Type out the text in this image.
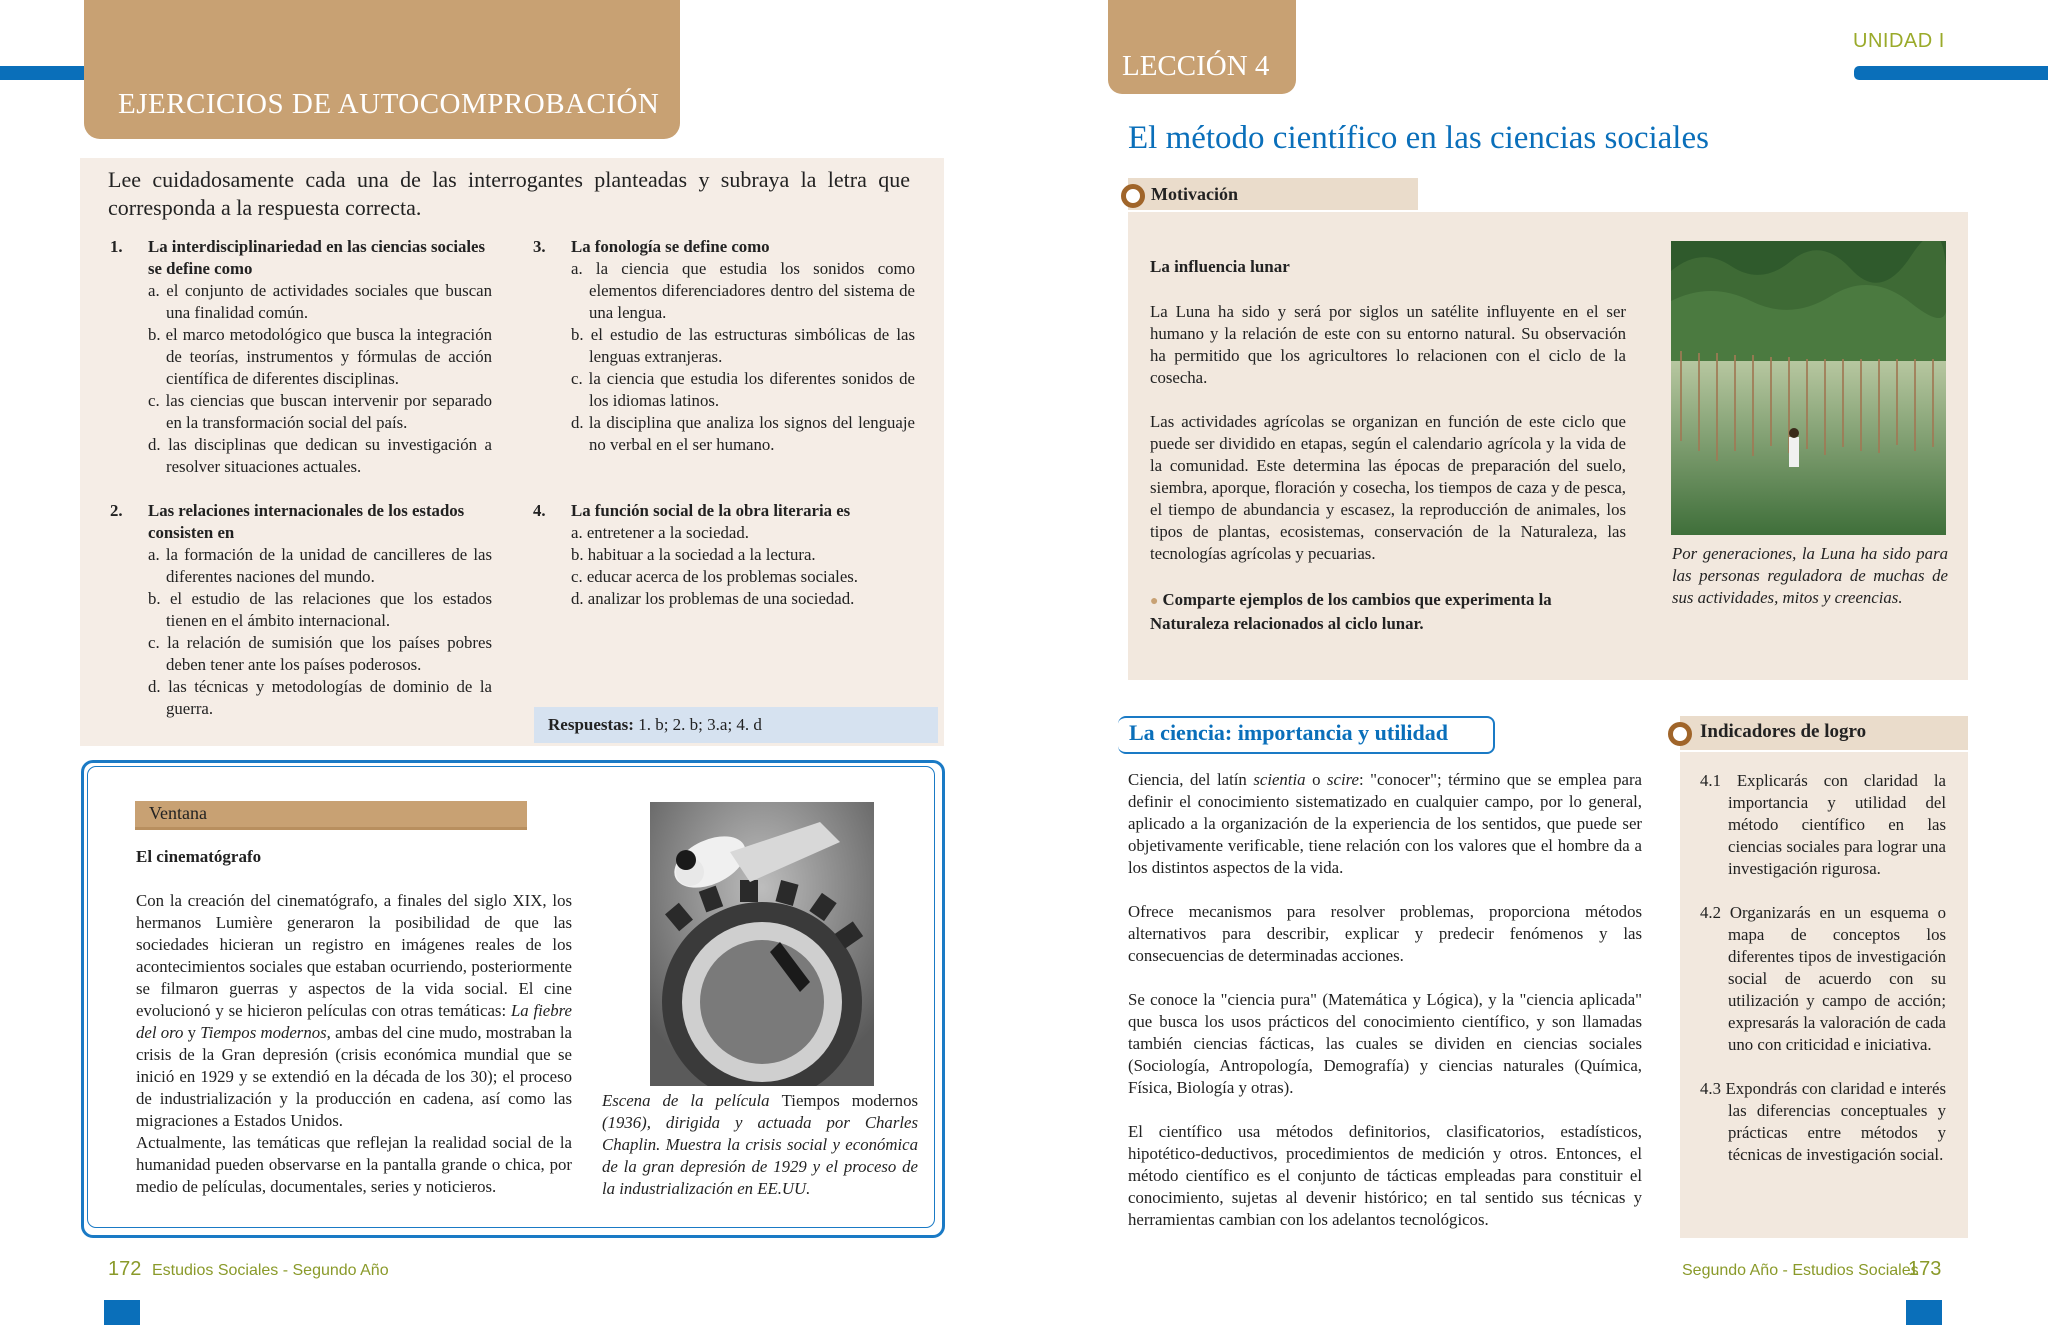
EJERCICIOS DE AUTOCOMPROBACIÓN

Lee cuidadosamente cada una de las interrogantes planteadas y subraya la letra que corresponda a la respuesta correcta.

1. La interdisciplinariedad en las ciencias sociales se define como

a. el conjunto de actividades sociales que buscan una finalidad común.

b. el marco metodológico que busca la integración de teorías, instrumentos y fórmulas de acción científica de diferentes disciplinas.

c. las ciencias que buscan intervenir por separado en la transformación social del país.

d. las disciplinas que dedican su investigación a resolver situaciones actuales.

2. Las relaciones internacionales de los estados consisten en

a. la formación de la unidad de cancilleres de las diferentes naciones del mundo.

b. el estudio de las relaciones que los estados tienen en el ámbito internacional.

c. la relación de sumisión que los países pobres deben tener ante los países poderosos.

d. las técnicas y metodologías de dominio de la guerra.

3. La fonología se define como

a. la ciencia que estudia los sonidos como elementos diferenciadores dentro del sistema de una lengua.

b. el estudio de las estructuras simbólicas de las lenguas extranjeras.

c. la ciencia que estudia los diferentes sonidos de los idiomas latinos.

d. la disciplina que analiza los signos del lenguaje no verbal en el ser humano.

4. La función social de la obra literaria es

a. entretener a la sociedad.

b. habituar a la sociedad a la lectura.

c. educar acerca de los problemas sociales.

d. analizar los problemas de una sociedad.

Respuestas: 1. b; 2. b; 3.a; 4. d
Ventana

El cinematógrafo

Con la creación del cinematógrafo, a finales del siglo XIX, los hermanos Lumière generaron la posibilidad de que las sociedades hicieran un registro en imágenes reales de los acontecimientos sociales que estaban ocurriendo, posteriormente se filmaron guerras y aspectos de la vida social. El cine evolucionó y se hicieron películas con otras temáticas: La fiebre del oro y Tiempos modernos, ambas del cine mudo, mostraban la crisis de la Gran depresión (crisis económica mundial que se inició en 1929 y se extendió en la década de los 30); el proceso de industrialización y la producción en cadena, así como las migraciones a Estados Unidos.

Actualmente, las temáticas que reflejan la realidad social de la humanidad pueden observarse en la pantalla grande o chica, por medio de películas, documentales, series y noticieros.

Escena de la película Tiempos modernos (1936), dirigida y actuada por Charles Chaplin. Muestra la crisis social y económica de la gran depresión de 1929 y el proceso de la industrialización en EE.UU.

172 Estudios Sociales - Segundo Año
LECCIÓN 4
UNIDAD I
El método científico en las ciencias sociales
Motivación

La influencia lunar

La Luna ha sido y será por siglos un satélite influyente en el ser humano y la relación de este con su entorno natural. Su observación ha permitido que los agricultores lo relacionen con el ciclo de la cosecha.

Las actividades agrícolas se organizan en función de este ciclo que puede ser dividido en etapas, según el calendario agrícola y la vida de la comunidad. Este determina las épocas de preparación del suelo, siembra, aporque, floración y cosecha, los tiempos de caza y de pesca, el tiempo de abundancia y escasez, la reproducción de animales, los tipos de plantas, ecosistemas, conservación de la Naturaleza, las tecnologías agrícolas y pecuarias.

● Comparte ejemplos de los cambios que experimenta la Naturaleza relacionados al ciclo lunar.

Por generaciones, la Luna ha sido para las personas reguladora de muchas de sus actividades, mitos y creencias.

La ciencia: importancia y utilidad

Ciencia, del latín scientia o scire: "conocer"; término que se emplea para definir el conocimiento sistematizado en cualquier campo, por lo general, aplicado a la organización de la experiencia de los sentidos, que puede ser objetivamente verificable, tiene relación con los valores que el hombre da a los distintos aspectos de la vida.

Ofrece mecanismos para resolver problemas, proporciona métodos alternativos para describir, explicar y predecir fenómenos y las consecuencias de determinadas acciones.

Se conoce la "ciencia pura" (Matemática y Lógica), y la "ciencia aplicada" que busca los usos prácticos del conocimiento científico, y son llamadas también ciencias fácticas, las cuales se dividen en ciencias sociales (Sociología, Antropología, Demografía) y ciencias naturales (Química, Física, Biología y otras).

El científico usa métodos definitorios, clasificatorios, estadísticos, hipotético-deductivos, procedimientos de medición y otros. Entonces, el método científico es el conjunto de tácticas empleadas para constituir el conocimiento, sujetas al devenir histórico; en tal sentido sus técnicas y herramientas cambian con los adelantos tecnológicos.

Indicadores de logro

4.1 Explicarás con claridad la importancia y utilidad del método científico en las ciencias sociales para lograr una investigación rigurosa.

4.2 Organizarás en un esquema o mapa de conceptos los diferentes tipos de investigación social de acuerdo con su utilización y campo de acción; expresarás la valoración de cada uno con criticidad e iniciativa.

4.3 Expondrás con claridad e interés las diferencias conceptuales y prácticas entre métodos y técnicas de investigación social.

Segundo Año - Estudios Sociales
173
